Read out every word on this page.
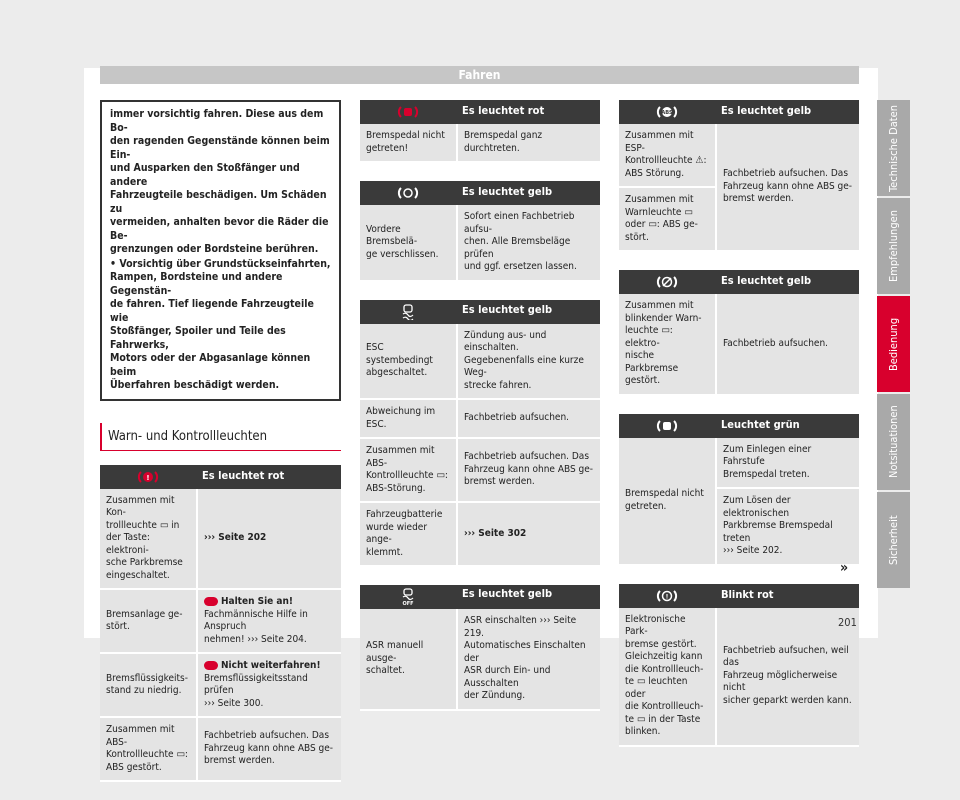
Fahren

immer vorsichtig fahren. Diese aus dem Bo-
den ragenden Gegenstände können beim Ein-
und Ausparken den Stoßfänger und andere
Fahrzeugteile beschädigen. Um Schäden zu
vermeiden, anhalten bevor die Räder die Be-
grenzungen oder Bordsteine berühren.

• Vorsichtig über Grundstückseinfahrten,
Rampen, Bordsteine und andere Gegenstän-
de fahren. Tief liegende Fahrzeugteile wie
Stoßfänger, Spoiler und Teile des Fahrwerks,
Motors oder der Abgasanlage können beim
Überfahren beschädigt werden.

Warn- und Kontrollleuchten
! Es leuchtet rot	

Zusammen mit Kon-
trollleuchte ▭ in
der Taste: elektroni-
sche Parkbremse
eingeschaltet.	››› Seite 202
Bremsanlage ge-
stört.	Halten Sie an!
Fachmännische Hilfe in Anspruch
nehmen! ››› Seite 204.
Bremsflüssigkeits-
stand zu niedrig.	Nicht weiterfahren!
Bremsflüssigkeitsstand prüfen
››› Seite 300.
Zusammen mit ABS-
Kontrollleuchte ▭:
ABS gestört.	Fachbetrieb aufsuchen. Das
Fahrzeug kann ohne ABS ge-
bremst werden.
Es leuchtet rot

Bremspedal nicht
getreten!	Bremspedal ganz durchtreten.
Es leuchtet gelb

Vordere Bremsbelä-
ge verschlissen.	Sofort einen Fachbetrieb aufsu-
chen. Alle Bremsbeläge prüfen
und ggf. ersetzen lassen.
Es leuchtet gelb	

ESC systembedingt
abgeschaltet.	Zündung aus- und einschalten.
Gegebenenfalls eine kurze Weg-
strecke fahren.
Abweichung im ESC.	Fachbetrieb aufsuchen.
Zusammen mit ABS-
Kontrollleuchte ▭:
ABS-Störung.	Fachbetrieb aufsuchen. Das
Fahrzeug kann ohne ABS ge-
bremst werden.
Fahrzeugbatterie
wurde wieder ange-
klemmt.	››› Seite 302
OFF
Es leuchtet gelb

ASR manuell ausge-
schaltet.	ASR einschalten ››› Seite 219.
Automatisches Einschalten der
ASR durch Ein- und Ausschalten
der Zündung.
ABS	Es leuchtet gelb

Zusammen mit ESP-
Kontrollleuchte ⚠:
ABS Störung.	Fachbetrieb aufsuchen. Das
Fahrzeug kann ohne ABS ge-
bremst werden.
Zusammen mit
Warnleuchte ▭
oder ▭: ABS ge-
stört.
Es leuchtet gelb

Zusammen mit
blinkender Warn-
leuchte ▭: elektro-
nische Parkbremse
gestört.	Fachbetrieb aufsuchen.
Leuchtet grün

Bremspedal nicht
getreten.	Zum Einlegen einer Fahrstufe
Bremspedal treten.
Zum Lösen der elektronischen
Parkbremse Bremspedal treten
››› Seite 202.
!	Blinkt rot

Elektronische Park-
bremse gestört.
Gleichzeitig kann
die Kontrollleuch-
te ▭ leuchten oder
die Kontrollleuch-
te ▭ in der Taste
blinken.	Fachbetrieb aufsuchen, weil das
Fahrzeug möglicherweise nicht
sicher geparkt werden kann.
»
201
Technische Daten
Empfehlungen
Bedienung
Notsituationen
Sicherheit
